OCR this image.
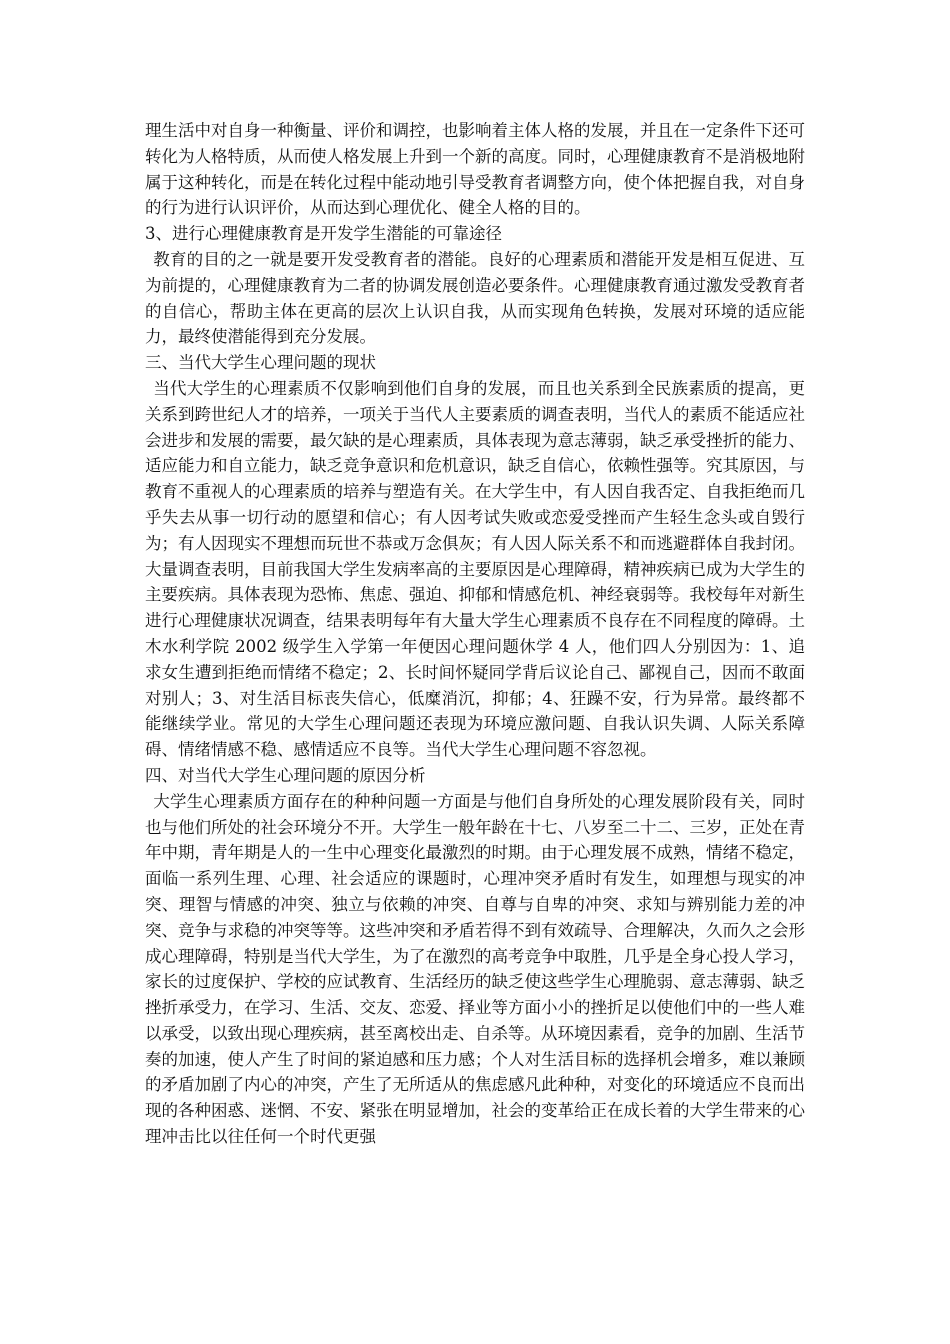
理生活中对自身一种衡量、评价和调控，也影响着主体人格的发展，并且在一定条件下还可转化为人格特质，从而使人格发展上升到一个新的高度。同时，心理健康教育不是消极地附属于这种转化，而是在转化过程中能动地引导受教育者调整方向，使个体把握自我，对自身的行为进行认识评价，从而达到心理优化、健全人格的目的。

3、进行心理健康教育是开发学生潜能的可靠途径

教育的目的之一就是要开发受教育者的潜能。良好的心理素质和潜能开发是相互促进、互为前提的，心理健康教育为二者的协调发展创造必要条件。心理健康教育通过激发受教育者的自信心，帮助主体在更高的层次上认识自我，从而实现角色转换，发展对环境的适应能力，最终使潜能得到充分发展。

三、当代大学生心理问题的现状

当代大学生的心理素质不仅影响到他们自身的发展，而且也关系到全民族素质的提高，更关系到跨世纪人才的培养，一项关于当代人主要素质的调查表明，当代人的素质不能适应社会进步和发展的需要，最欠缺的是心理素质，具体表现为意志薄弱，缺乏承受挫折的能力、适应能力和自立能力，缺乏竞争意识和危机意识，缺乏自信心，依赖性强等。究其原因，与教育不重视人的心理素质的培养与塑造有关。在大学生中，有人因自我否定、自我拒绝而几乎失去从事一切行动的愿望和信心；有人因考试失败或恋爱受挫而产生轻生念头或自毁行为；有人因现实不理想而玩世不恭或万念俱灰；有人因人际关系不和而逃避群体自我封闭。大量调查表明，目前我国大学生发病率高的主要原因是心理障碍，精神疾病已成为大学生的主要疾病。具体表现为恐怖、焦虑、强迫、抑郁和情感危机、神经衰弱等。我校每年对新生进行心理健康状况调查，结果表明每年有大量大学生心理素质不良存在不同程度的障碍。土木水利学院 2002 级学生入学第一年便因心理问题休学 4 人，他们四人分别因为：1、追求女生遭到拒绝而情绪不稳定；2、长时间怀疑同学背后议论自己、鄙视自己，因而不敢面对别人；3、对生活目标丧失信心，低糜消沉，抑郁；4、狂躁不安，行为异常。最终都不能继续学业。常见的大学生心理问题还表现为环境应激问题、自我认识失调、人际关系障碍、情绪情感不稳、感情适应不良等。当代大学生心理问题不容忽视。

四、对当代大学生心理问题的原因分析

大学生心理素质方面存在的种种问题一方面是与他们自身所处的心理发展阶段有关，同时也与他们所处的社会环境分不开。大学生一般年龄在十七、八岁至二十二、三岁，正处在青年中期，青年期是人的一生中心理变化最激烈的时期。由于心理发展不成熟，情绪不稳定，面临一系列生理、心理、社会适应的课题时，心理冲突矛盾时有发生，如理想与现实的冲突、理智与情感的冲突、独立与依赖的冲突、自尊与自卑的冲突、求知与辨别能力差的冲突、竞争与求稳的冲突等等。这些冲突和矛盾若得不到有效疏导、合理解决，久而久之会形成心理障碍，特别是当代大学生，为了在激烈的高考竞争中取胜，几乎是全身心投人学习，家长的过度保护、学校的应试教育、生活经历的缺乏使这些学生心理脆弱、意志薄弱、缺乏挫折承受力，在学习、生活、交友、恋爱、择业等方面小小的挫折足以使他们中的一些人难以承受，以致出现心理疾病，甚至离校出走、自杀等。从环境因素看，竞争的加剧、生活节奏的加速，使人产生了时间的紧迫感和压力感；个人对生活目标的选择机会增多，难以兼顾的矛盾加剧了内心的冲突，产生了无所适从的焦虑感凡此种种，对变化的环境适应不良而出现的各种困惑、迷惘、不安、紧张在明显增加，社会的变革给正在成长着的大学生带来的心理冲击比以往任何一个时代更强
